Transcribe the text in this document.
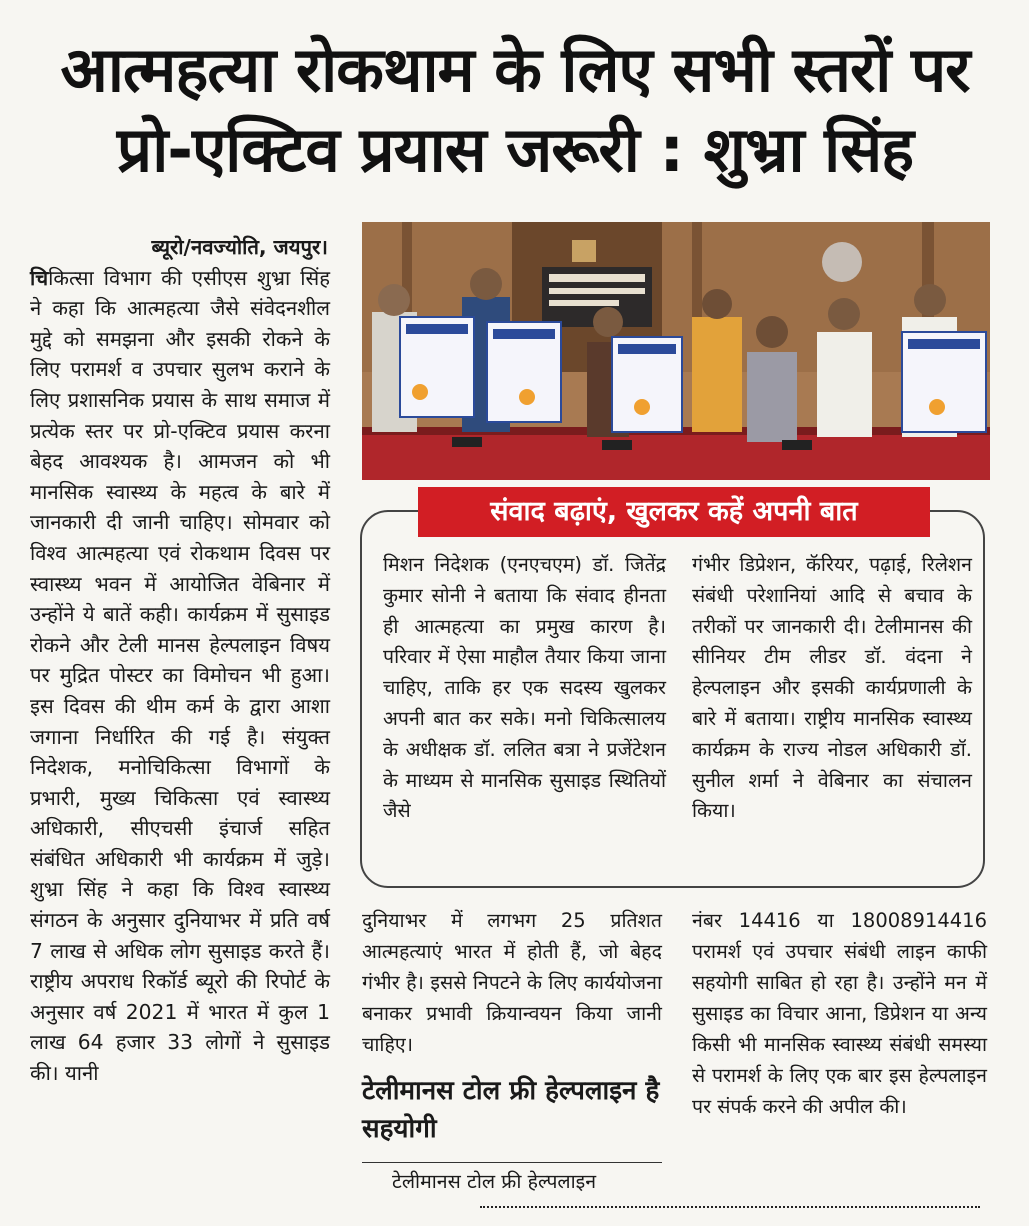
आत्महत्या रोकथाम के लिए सभी स्तरों पर
प्रो-एक्टिव प्रयास जरूरी : शुभ्रा सिंह
ब्यूरो/नवज्योति, जयपुर।
चिकित्सा विभाग की एसीएस शुभ्रा सिंह ने कहा कि आत्महत्या जैसे संवेदनशील मुद्दे को समझना और इसकी रोकने के लिए परामर्श व उपचार सुलभ कराने के लिए प्रशासनिक प्रयास के साथ समाज में प्रत्येक स्तर पर प्रो-एक्टिव प्रयास करना बेहद आवश्यक है। आमजन को भी मानसिक स्वास्थ्य के महत्व के बारे में जानकारी दी जानी चाहिए। सोमवार को विश्व आत्महत्या एवं रोकथाम दिवस पर स्वास्थ्य भवन में आयोजित वेबिनार में उन्होंने ये बातें कही। कार्यक्रम में सुसाइड रोकने और टेली मानस हेल्पलाइन विषय पर मुद्रित पोस्टर का विमोचन भी हुआ। इस दिवस की थीम कर्म के द्वारा आशा जगाना निर्धारित की गई है। संयुक्त निदेशक, मनोचिकित्सा विभागों के प्रभारी, मुख्य चिकित्सा एवं स्वास्थ्य अधिकारी, सीएचसी इंचार्ज सहित संबंधित अधिकारी भी कार्यक्रम में जुड़े। शुभ्रा सिंह ने कहा कि विश्व स्वास्थ्य संगठन के अनुसार दुनियाभर में प्रति वर्ष 7 लाख से अधिक लोग सुसाइड करते हैं। राष्ट्रीय अपराध रिकॉर्ड ब्यूरो की रिपोर्ट के अनुसार वर्ष 2021 में भारत में कुल 1 लाख 64 हजार 33 लोगों ने सुसाइड की। यानी
संवाद बढ़ाएं, खुलकर कहें अपनी बात
मिशन निदेशक (एनएचएम) डॉ. जितेंद्र कुमार सोनी ने बताया कि संवाद हीनता ही आत्महत्या का प्रमुख कारण है। परिवार में ऐसा माहौल तैयार किया जाना चाहिए, ताकि हर एक सदस्य खुलकर अपनी बात कर सके। मनो चिकित्सालय के अधीक्षक डॉ. ललित बत्रा ने प्रजेंटेशन के माध्यम से मानसिक सुसाइड स्थितियों जैसे
गंभीर डिप्रेशन, कॅरियर, पढ़ाई, रिलेशन संबंधी परेशानियां आदि से बचाव के तरीकों पर जानकारी दी। टेलीमानस की सीनियर टीम लीडर डॉ. वंदना ने हेल्पलाइन और इसकी कार्यप्रणाली के बारे में बताया। राष्ट्रीय मानसिक स्वास्थ्य कार्यक्रम के राज्य नोडल अधिकारी डॉ. सुनील शर्मा ने वेबिनार का संचालन किया।
दुनियाभर में लगभग 25 प्रतिशत आत्महत्याएं भारत में होती हैं, जो बेहद गंभीर है। इससे निपटने के लिए कार्ययोजना बनाकर प्रभावी क्रियान्वयन किया जानी चाहिए।
टेलीमानस टोल फ्री हेल्पलाइन है सहयोगी
टेलीमानस टोल फ्री हेल्पलाइन
नंबर 14416 या 18008914416 परामर्श एवं उपचार संबंधी लाइन काफी सहयोगी साबित हो रहा है। उन्होंने मन में सुसाइड का विचार आना, डिप्रेशन या अन्य किसी भी मानसिक स्वास्थ्य संबंधी समस्या से परामर्श के लिए एक बार इस हेल्पलाइन पर संपर्क करने की अपील की।
